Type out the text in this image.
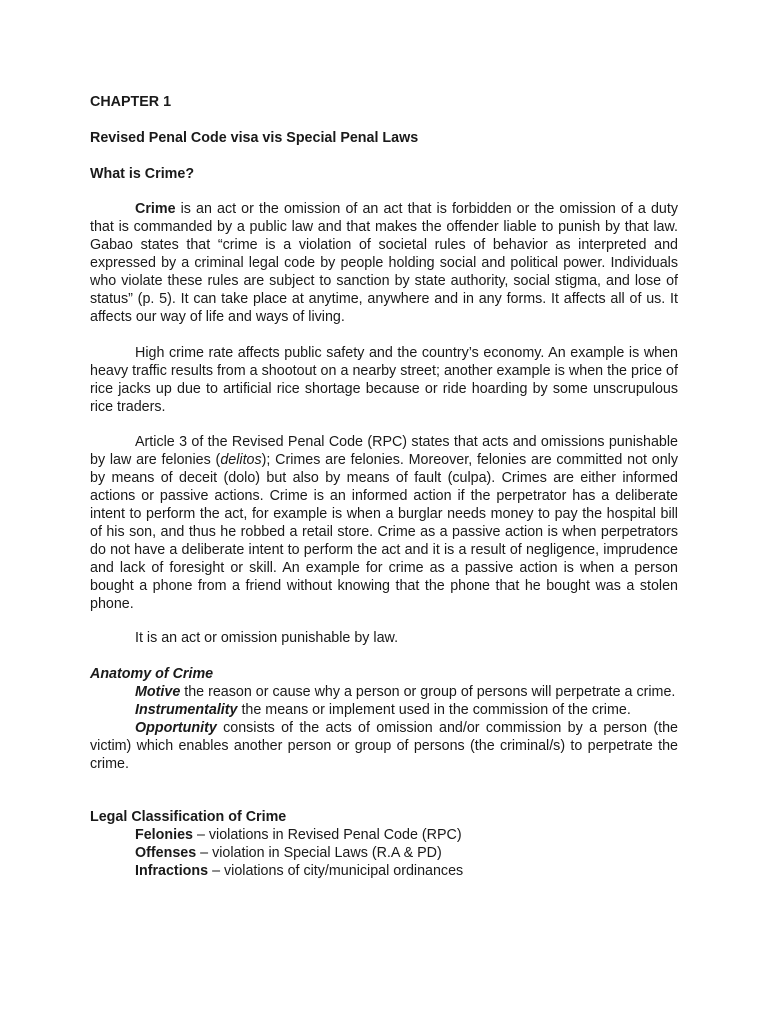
CHAPTER 1

Revised Penal Code visa vis Special Penal Laws

What is Crime?

Crime is an act or the omission of an act that is forbidden or the omission of a duty that is commanded by a public law and that makes the offender liable to punish by that law. Gabao states that “crime is a violation of societal rules of behavior as interpreted and expressed by a criminal legal code by people holding social and political power. Individuals who violate these rules are subject to sanction by state authority, social stigma, and lose of status” (p. 5). It can take place at anytime, anywhere and in any forms. It affects all of us. It affects our way of life and ways of living.

High crime rate affects public safety and the country’s economy. An example is when heavy traffic results from a shootout on a nearby street; another example is when the price of rice jacks up due to artificial rice shortage because or ride hoarding by some unscrupulous rice traders.

Article 3 of the Revised Penal Code (RPC) states that acts and omissions punishable by law are felonies (delitos); Crimes are felonies. Moreover, felonies are committed not only by means of deceit (dolo) but also by means of fault (culpa). Crimes are either informed actions or passive actions. Crime is an informed action if the perpetrator has a deliberate intent to perform the act, for example is when a burglar needs money to pay the hospital bill of his son, and thus he robbed a retail store. Crime as a passive action is when perpetrators do not have a deliberate intent to perform the act and it is a result of negligence, imprudence and lack of foresight or skill. An example for crime as a passive action is when a person bought a phone from a friend without knowing that the phone that he bought was a stolen phone.

It is an act or omission punishable by law.

Anatomy of Crime

Motive the reason or cause why a person or group of persons will perpetrate a crime.

Instrumentality the means or implement used in the commission of the crime.

Opportunity consists of the acts of omission and/or commission by a person (the victim) which enables another person or group of persons (the criminal/s) to perpetrate the crime.

Legal Classification of Crime

Felonies – violations in Revised Penal Code (RPC)

Offenses – violation in Special Laws (R.A & PD)

Infractions – violations of city/municipal ordinances
